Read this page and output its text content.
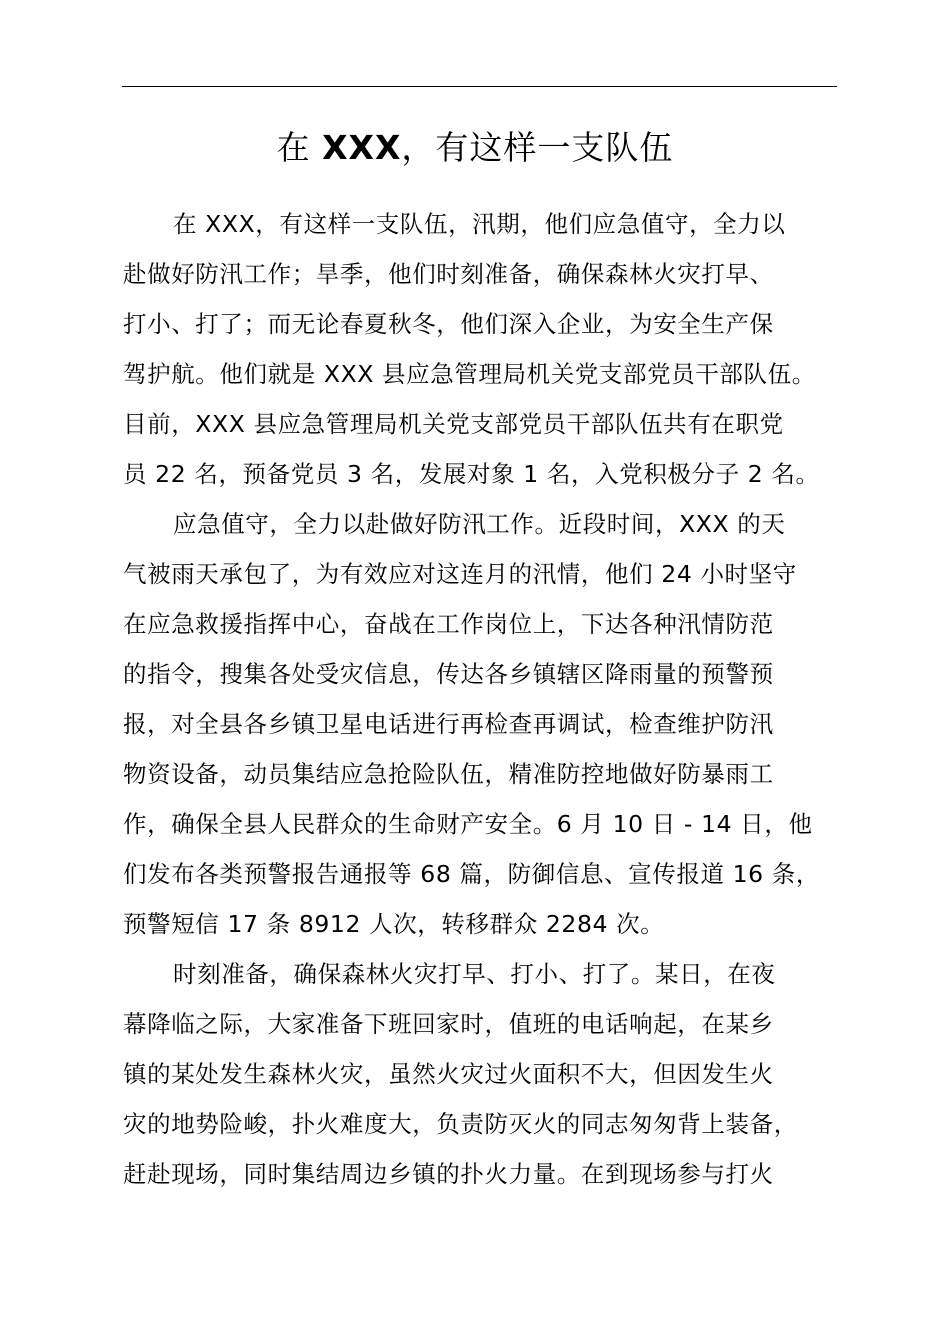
在 XXX，有这样一支队伍
在 XXX，有这样一支队伍，汛期，他们应急值守，全力以
赴做好防汛工作；旱季，他们时刻准备，确保森林火灾打早、
打小、打了；而无论春夏秋冬，他们深入企业，为安全生产保
驾护航。他们就是 XXX 县应急管理局机关党支部党员干部队伍。
目前，XXX 县应急管理局机关党支部党员干部队伍共有在职党
员 22 名，预备党员 3 名，发展对象 1 名，入党积极分子 2 名。
应急值守，全力以赴做好防汛工作。近段时间，XXX 的天
气被雨天承包了，为有效应对这连月的汛情，他们 24 小时坚守
在应急救援指挥中心，奋战在工作岗位上，下达各种汛情防范
的指令，搜集各处受灾信息，传达各乡镇辖区降雨量的预警预
报，对全县各乡镇卫星电话进行再检查再调试，检查维护防汛
物资设备，动员集结应急抢险队伍，精准防控地做好防暴雨工
作，确保全县人民群众的生命财产安全。6 月 10 日 - 14 日，他
们发布各类预警报告通报等 68 篇，防御信息、宣传报道 16 条，
预警短信 17 条 8912 人次，转移群众 2284 次。
时刻准备，确保森林火灾打早、打小、打了。某日，在夜
幕降临之际，大家准备下班回家时，值班的电话响起，在某乡
镇的某处发生森林火灾，虽然火灾过火面积不大，但因发生火
灾的地势险峻，扑火难度大，负责防灭火的同志匆匆背上装备，
赶赴现场，同时集结周边乡镇的扑火力量。在到现场参与打火
